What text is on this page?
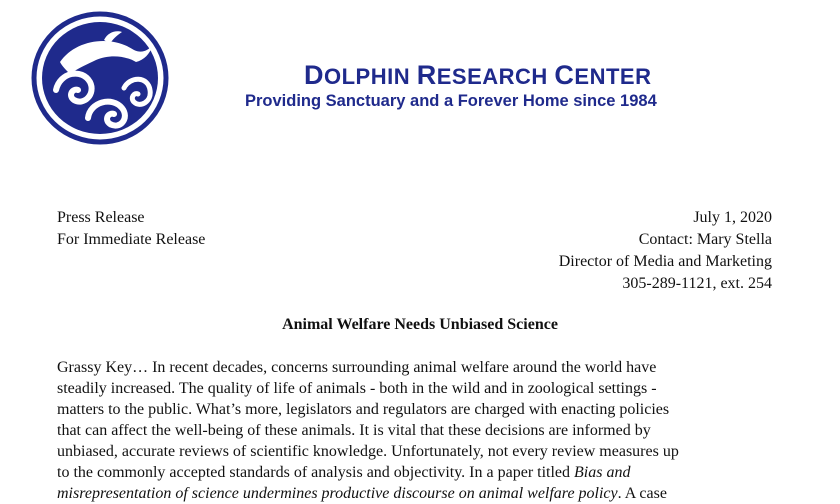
DOLPHIN RESEARCH CENTER
Providing Sanctuary and a Forever Home since 1984
Press Release
For Immediate Release
July 1, 2020
Contact: Mary Stella
Director of Media and Marketing
305-289-1121, ext. 254
Animal Welfare Needs Unbiased Science
Grassy Key… In recent decades, concerns surrounding animal welfare around the world have
steadily increased. The quality of life of animals - both in the wild and in zoological settings -
matters to the public. What’s more, legislators and regulators are charged with enacting policies
that can affect the well-being of these animals. It is vital that these decisions are informed by
unbiased, accurate reviews of scientific knowledge. Unfortunately, not every review measures up
to the commonly accepted standards of analysis and objectivity. In a paper titled Bias and
misrepresentation of science undermines productive discourse on animal welfare policy. A case
